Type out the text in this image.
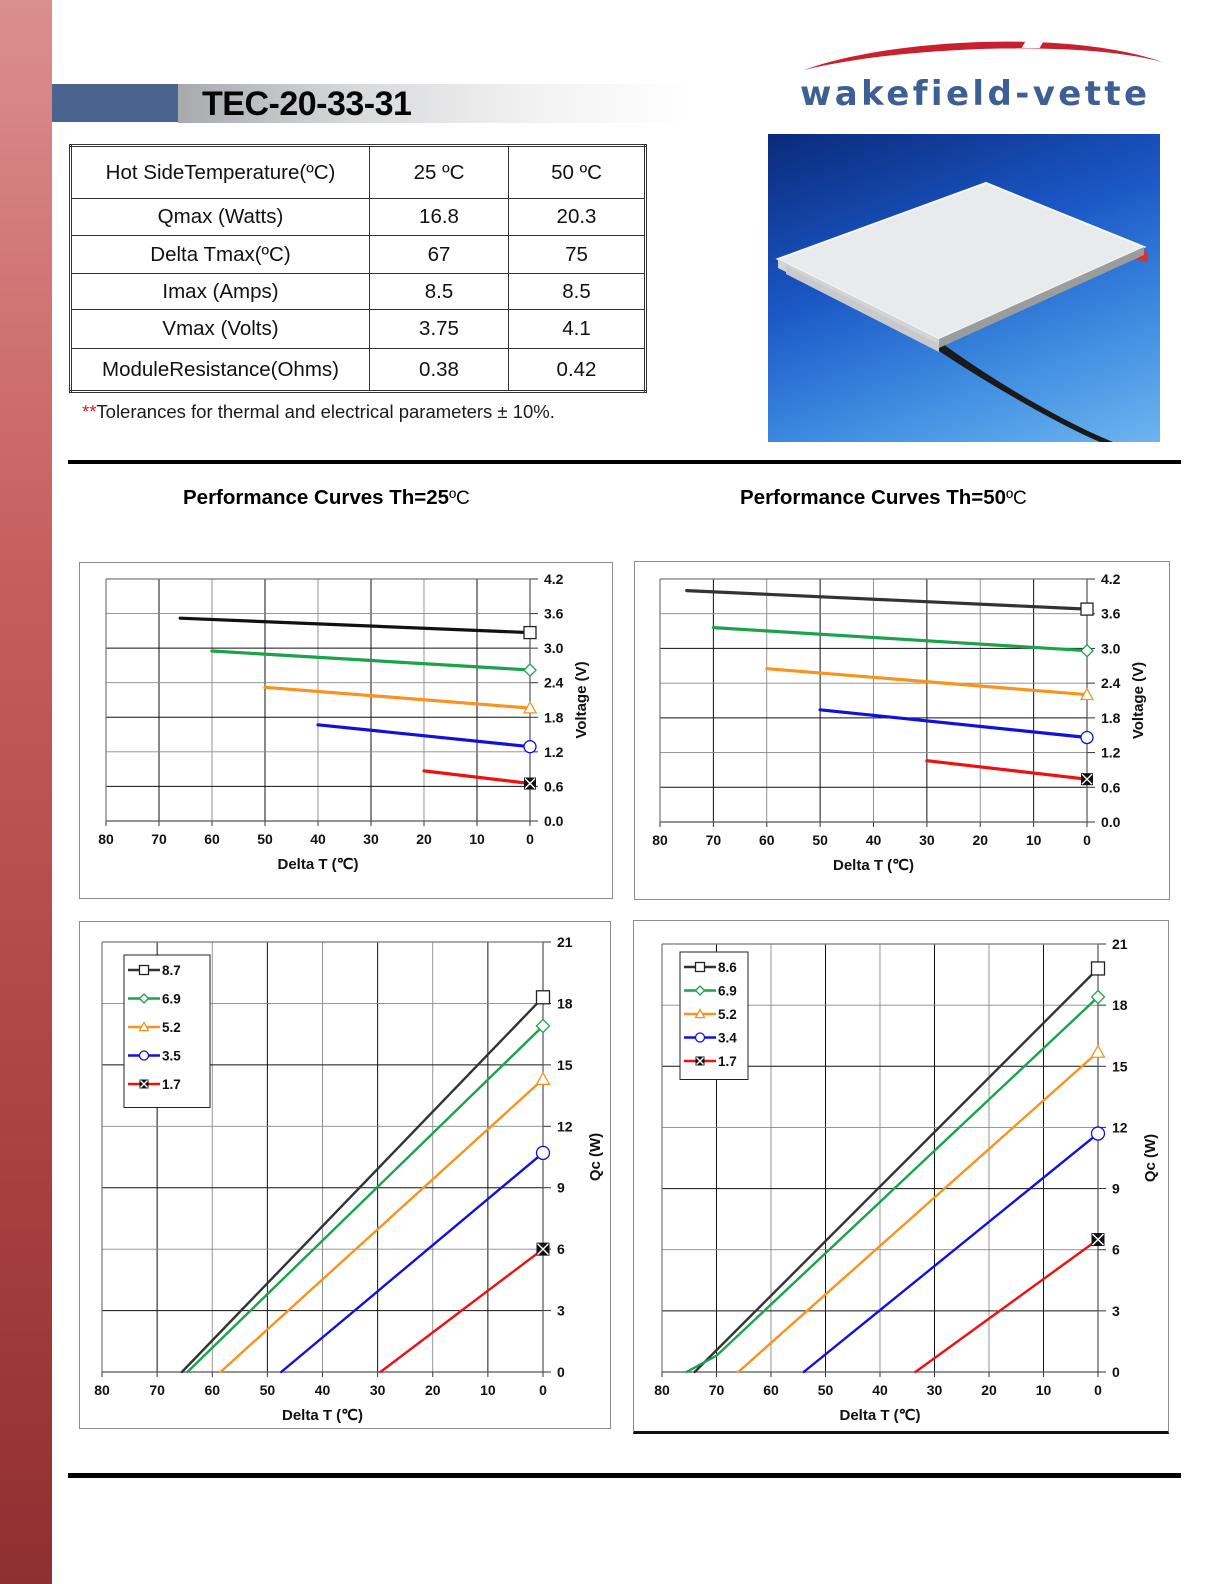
TEC-20-33-31	wakefield-vette
Hot SideTemperature(ºC)	25 ºC	50 ºC
Qmax (Watts)	16.8	20.3
Delta Tmax(ºC)	67	75
Imax (Amps)	8.5	8.5
Vmax (Volts)	3.75	4.1
ModuleResistance(Ohms)	0.38	0.42
**Tolerances for thermal and electrical parameters ± 10%.
Performance Curves Th=25ºC	Performance Curves Th=50ºC
80	70	60	50	40	30	20	10	0
0.0
0.6
1.2
1.8
2.4
3.0
3.6
4.2
Delta T (℃)
Voltage (V)
80	70	60	50	40	30	20	10	0
0.0
0.6
1.2
1.8
2.4
3.0
3.6
4.2
Delta T (℃)
Voltage (V)
80	70	60	50	40	30	20	10	0
0
3
6
9
12
15
18
21
Delta T (℃)
Qc (W)
8.7
6.9
5.2
3.5
1.7
80	70	60	50	40	30	20	10	0
0
3
6
9
12
15
18
21
Delta T (℃)
Qc (W)
8.6
6.9
5.2
3.4
1.7
